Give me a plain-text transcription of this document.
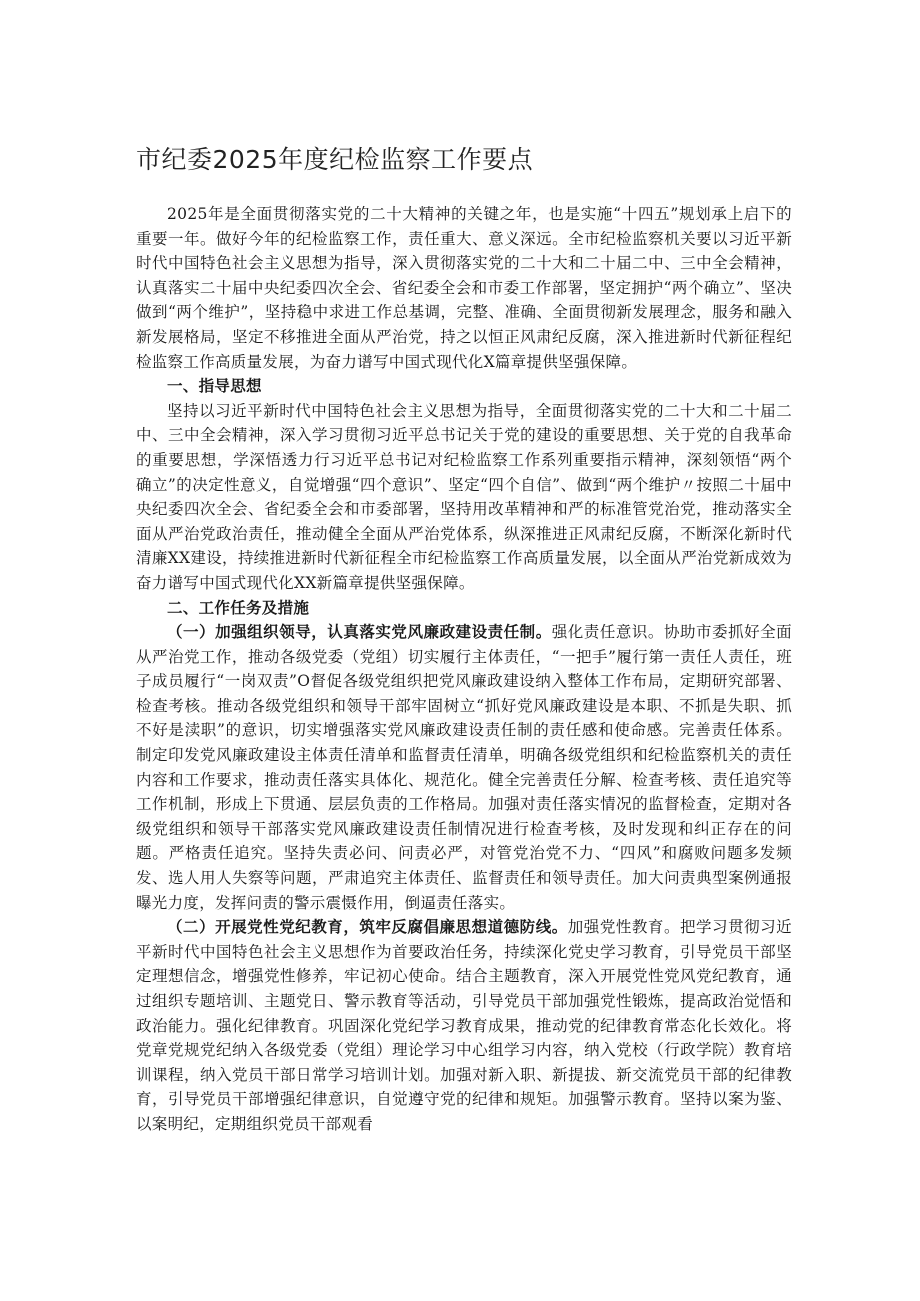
市纪委2025年度纪检监察工作要点

2025年是全面贯彻落实党的二十大精神的关键之年，也是实施“十四五”规划承上启下的重要一年。做好今年的纪检监察工作，责任重大、意义深远。全市纪检监察机关要以习近平新时代中国特色社会主义思想为指导，深入贯彻落实党的二十大和二十届二中、三中全会精神，认真落实二十届中央纪委四次全会、省纪委全会和市委工作部署，坚定拥护“两个确立”、坚决做到“两个维护”，坚持稳中求进工作总基调，完整、准确、全面贯彻新发展理念，服务和融入新发展格局，坚定不移推进全面从严治党，持之以恒正风肃纪反腐，深入推进新时代新征程纪检监察工作高质量发展，为奋力谱写中国式现代化X篇章提供坚强保障。

一、指导思想

坚持以习近平新时代中国特色社会主义思想为指导，全面贯彻落实党的二十大和二十届二中、三中全会精神，深入学习贯彻习近平总书记关于党的建设的重要思想、关于党的自我革命的重要思想，学深悟透力行习近平总书记对纪检监察工作系列重要指示精神，深刻领悟“两个确立”的决定性意义，自觉增强“四个意识”、坚定“四个自信”、做到“两个维护〃按照二十届中央纪委四次全会、省纪委全会和市委部署，坚持用改革精神和严的标准管党治党，推动落实全面从严治党政治责任，推动健全全面从严治党体系，纵深推进正风肃纪反腐，不断深化新时代清廉XX建设，持续推进新时代新征程全市纪检监察工作高质量发展，以全面从严治党新成效为奋力谱写中国式现代化XX新篇章提供坚强保障。

二、工作任务及措施

（一）加强组织领导，认真落实党风廉政建设责任制。强化责任意识。协助市委抓好全面从严治党工作，推动各级党委（党组）切实履行主体责任，“一把手”履行第一责任人责任，班子成员履行“一岗双责”O督促各级党组织把党风廉政建设纳入整体工作布局，定期研究部署、检查考核。推动各级党组织和领导干部牢固树立“抓好党风廉政建设是本职、不抓是失职、抓不好是渎职”的意识，切实增强落实党风廉政建设责任制的责任感和使命感。完善责任体系。制定印发党风廉政建设主体责任清单和监督责任清单，明确各级党组织和纪检监察机关的责任内容和工作要求，推动责任落实具体化、规范化。健全完善责任分解、检查考核、责任追究等工作机制，形成上下贯通、层层负责的工作格局。加强对责任落实情况的监督检查，定期对各级党组织和领导干部落实党风廉政建设责任制情况进行检查考核，及时发现和纠正存在的问题。严格责任追究。坚持失责必问、问责必严，对管党治党不力、“四风”和腐败问题多发频发、选人用人失察等问题，严肃追究主体责任、监督责任和领导责任。加大问责典型案例通报曝光力度，发挥问责的警示震慑作用，倒逼责任落实。

（二）开展党性党纪教育，筑牢反腐倡廉思想道德防线。加强党性教育。把学习贯彻习近平新时代中国特色社会主义思想作为首要政治任务，持续深化党史学习教育，引导党员干部坚定理想信念，增强党性修养，牢记初心使命。结合主题教育，深入开展党性党风党纪教育，通过组织专题培训、主题党日、警示教育等活动，引导党员干部加强党性锻炼，提高政治觉悟和政治能力。强化纪律教育。巩固深化党纪学习教育成果，推动党的纪律教育常态化长效化。将党章党规党纪纳入各级党委（党组）理论学习中心组学习内容，纳入党校（行政学院）教育培训课程，纳入党员干部日常学习培训计划。加强对新入职、新提拔、新交流党员干部的纪律教育，引导党员干部增强纪律意识，自觉遵守党的纪律和规矩。加强警示教育。坚持以案为鉴、以案明纪，定期组织党员干部观看
